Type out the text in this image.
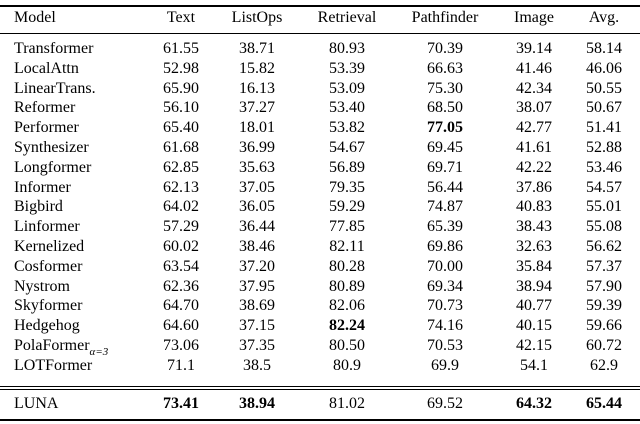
Model	Text ListOps Retrieval Pathfinder Image Avg.
Transformer	61.55	38.71	80.93	70.39	39.14 58.14
LocalAttn	52.98	15.82	53.39	66.63	41.46 46.06
LinearTrans.	65.90	16.13	53.09	75.30	42.34 50.55
Reformer	56.10	37.27	53.40	68.50	38.07 50.67
Performer	65.40	18.01	53.82	77.05	42.77 51.41
Synthesizer	61.68	36.99	54.67	69.45	41.61 52.88
Longformer	62.85	35.63	56.89	69.71	42.22 53.46
Informer	62.13	37.05	79.35	56.44	37.86 54.57
Bigbird	64.02	36.05	59.29	74.87	40.83 55.01
Linformer	57.29	36.44	77.85	65.39	38.43 55.08
Kernelized	60.02	38.46	82.11	69.86	32.63 56.62
Cosformer	63.54	37.20	80.28	70.00	35.84 57.37
Nystrom	62.36	37.95	80.89	69.34	38.94 57.90
Skyformer	64.70	38.69	82.06	70.73	40.77 59.39
Hedgehog	64.60	37.15	82.24	74.16	40.15 59.66
PolaFormer$_{\alpha=3}$	73.06	37.35	80.50	70.53	42.15 60.72
LOTFormer	71.1	38.5	80.9	69.9	54.1	62.9
LUNA	73.41	38.94	81.02	69.52	64.32 65.44
